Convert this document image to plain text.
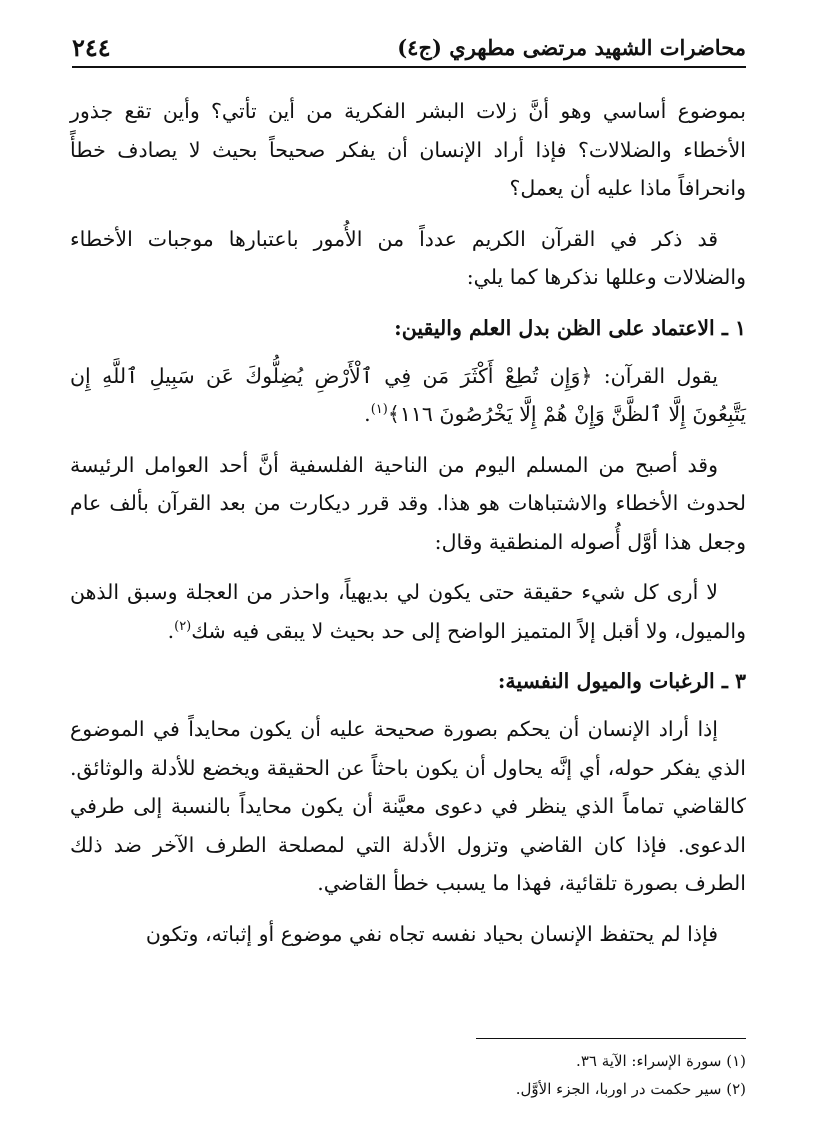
محاضرات الشهيد مرتضى مطهري (ج٤)
٢٤٤

بموضوع أساسي وهو أنَّ زلات البشر الفكرية من أين تأتي؟ وأين تقع جذور الأخطاء والضلالات؟ فإذا أراد الإنسان أن يفكر صحيحاً بحيث لا يصادف خطأً وانحرافاً ماذا عليه أن يعمل؟

قد ذكر في القرآن الكريم عدداً من الأُمور باعتبارها موجبات الأخطاء والضلالات وعللها نذكرها كما يلي:

١ ـ الاعتماد على الظن بدل العلم واليقين:

يقول القرآن: ﴿وَإِن تُطِعْ أَكْثَرَ مَن فِي ٱلْأَرْضِ يُضِلُّوكَ عَن سَبِيلِ ٱللَّهِ إِن يَتَّبِعُونَ إِلَّا ٱلظَّنَّ وَإِنْ هُمْ إِلَّا يَخْرُصُونَ ١١٦﴾$^{(١)}$.

وقد أصبح من المسلم اليوم من الناحية الفلسفية أنَّ أحد العوامل الرئيسة لحدوث الأخطاء والاشتباهات هو هذا. وقد قرر ديكارت من بعد القرآن بألف عام وجعل هذا أوَّل أُصوله المنطقية وقال:

لا أرى كل شيء حقيقة حتى يكون لي بديهياً، واحذر من العجلة وسبق الذهن والميول، ولا أقبل إلاً المتميز الواضح إلى حد بحيث لا يبقى فيه شك$^{(٢)}$.

٣ ـ الرغبات والميول النفسية:

إذا أراد الإنسان أن يحكم بصورة صحيحة عليه أن يكون محايداً في الموضوع الذي يفكر حوله، أي إنَّه يحاول أن يكون باحثاً عن الحقيقة ويخضع للأدلة والوثائق. كالقاضي تماماً الذي ينظر في دعوى معيَّنة أن يكون محايداً بالنسبة إلى طرفي الدعوى. فإذا كان القاضي وتزول الأدلة التي لمصلحة الطرف الآخر ضد ذلك الطرف بصورة تلقائية، فهذا ما يسبب خطأ القاضي.

فإذا لم يحتفظ الإنسان بحياد نفسه تجاه نفي موضوع أو إثباته، وتكون

(١) سورة الإسراء: الآية ٣٦.
(٢) سير حكمت در اوربا، الجزء الأوَّل.
